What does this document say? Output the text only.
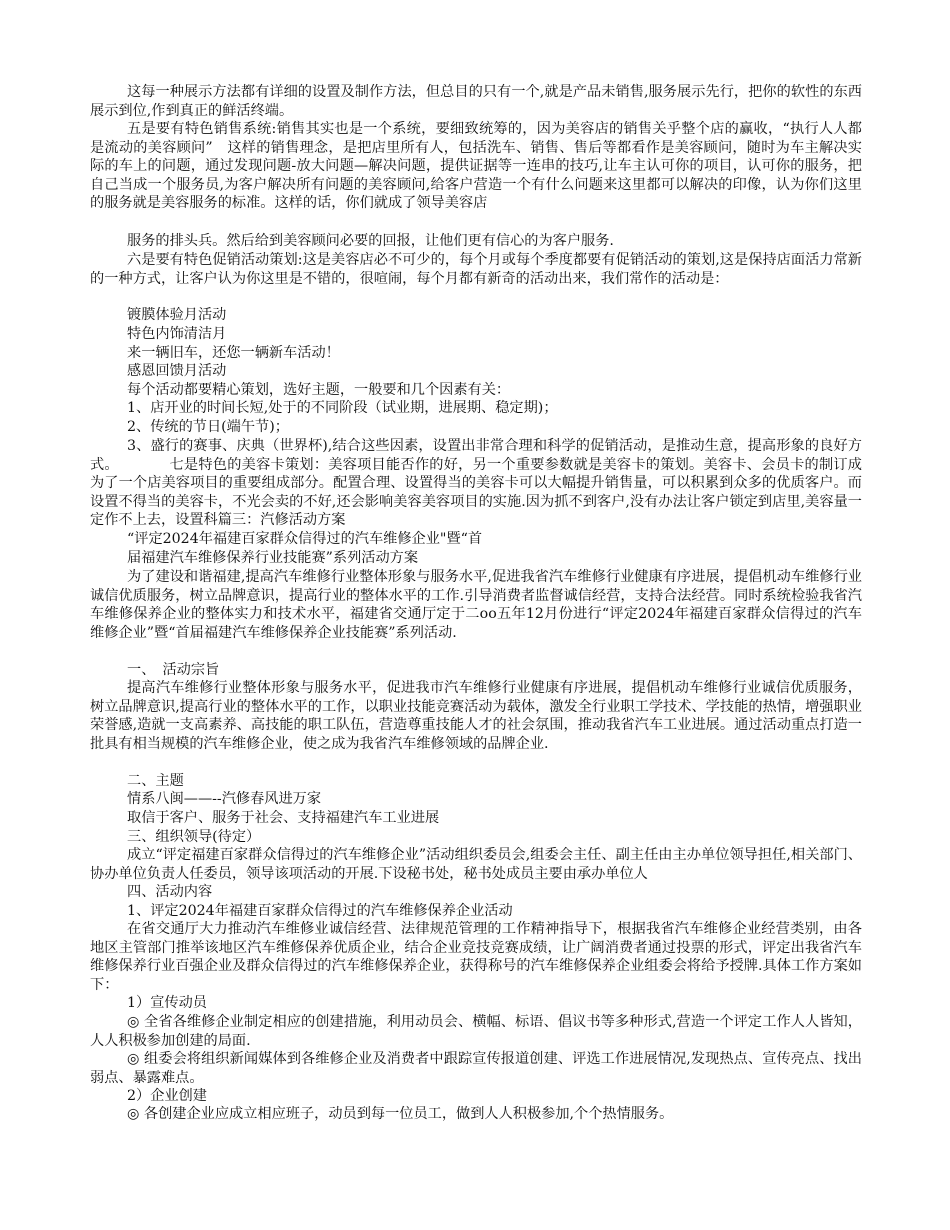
这每一种展示方法都有详细的设置及制作方法，但总目的只有一个,就是产品未销售,服务展示先行，把你的软性的东西展示到位,作到真正的鲜活终端。

五是要有特色销售系统:销售其实也是一个系统，要细致统筹的，因为美容店的销售关乎整个店的赢收，“执行人人都是流动的美容顾问”　这样的销售理念，是把店里所有人，包括洗车、销售、售后等都看作是美容顾问，随时为车主解决实际的车上的问题，通过发现问题-放大问题—解决问题，提供证据等一连串的技巧,让车主认可你的项目，认可你的服务，把自己当成一个服务员,为客户解决所有问题的美容顾问,给客户营造一个有什么问题来这里都可以解决的印像，认为你们这里的服务就是美容服务的标准。这样的话，你们就成了领导美容店

服务的排头兵。然后给到美容顾问必要的回报，让他们更有信心的为客户服务.

六是要有特色促销活动策划:这是美容店必不可少的，每个月或每个季度都要有促销活动的策划,这是保持店面活力常新的一种方式，让客户认为你这里是不错的，很喧闹，每个月都有新奇的活动出来，我们常作的活动是：

镀膜体验月活动

特色内饰清洁月

来一辆旧车，还您一辆新车活动！

感恩回馈月活动

每个活动都要精心策划，选好主题，一般要和几个因素有关：

1、店开业的时间长短,处于的不同阶段（试业期，进展期、稳定期)；

2、传统的节日(端午节)；

3、盛行的赛事、庆典（世界杯),结合这些因素，设置出非常合理和科学的促销活动，是推动生意，提高形象的良好方式。　　　　七是特色的美容卡策划：美容项目能否作的好，另一个重要参数就是美容卡的策划。美容卡、会员卡的制订成为了一个店美容项目的重要组成部分。配置合理、设置得当的美容卡可以大幅提升销售量，可以积累到众多的优质客户。而设置不得当的美容卡，不光会卖的不好,还会影响美容美容项目的实施.因为抓不到客户,没有办法让客户锁定到店里,美容量一定作不上去，设置科篇三：汽修活动方案

“评定2024年福建百家群众信得过的汽车维修企业"暨“首

届福建汽车维修保养行业技能赛”系列活动方案

为了建设和谐福建,提高汽车维修行业整体形象与服务水平,促进我省汽车维修行业健康有序进展，提倡机动车维修行业诚信优质服务，树立品牌意识，提高行业的整体水平的工作.引导消费者监督诚信经营，支持合法经营。同时系统检验我省汽车维修保养企业的整体实力和技术水平，福建省交通厅定于二oo五年12月份进行“评定2024年福建百家群众信得过的汽车维修企业”暨“首届福建汽车维修保养企业技能赛”系列活动.

一、　活动宗旨

提高汽车维修行业整体形象与服务水平，促进我市汽车维修行业健康有序进展，提倡机动车维修行业诚信优质服务，树立品牌意识,提高行业的整体水平的工作，以职业技能竞赛活动为载体，激发全行业职工学技术、学技能的热情，增强职业荣誉感,造就一支高素养、高技能的职工队伍，营造尊重技能人才的社会氛围，推动我省汽车工业进展。通过活动重点打造一批具有相当规模的汽车维修企业，使之成为我省汽车维修领域的品牌企业.

二、主题

情系八闽——--汽修春风进万家

取信于客户、服务于社会、支持福建汽车工业进展

三、组织领导(待定）

成立“评定福建百家群众信得过的汽车维修企业”活动组织委员会,组委会主任、副主任由主办单位领导担任,相关部门、协办单位负责人任委员，领导该项活动的开展.下设秘书处，秘书处成员主要由承办单位人

四、活动内容

1、评定2024年福建百家群众信得过的汽车维修保养企业活动

在省交通厅大力推动汽车维修业诚信经营、法律规范管理的工作精神指导下，根据我省汽车维修企业经营类别，由各地区主管部门推举该地区汽车维修保养优质企业，结合企业竞技竞赛成绩，让广阔消费者通过投票的形式，评定出我省汽车维修保养行业百强企业及群众信得过的汽车维修保养企业，获得称号的汽车维修保养企业组委会将给予授牌.具体工作方案如下：

1）宣传动员

◎ 全省各维修企业制定相应的创建措施，利用动员会、横幅、标语、倡议书等多种形式,营造一个评定工作人人皆知，人人积极参加创建的局面.

◎ 组委会将组织新闻媒体到各维修企业及消费者中跟踪宣传报道创建、评选工作进展情况,发现热点、宣传亮点、找出弱点、暴露难点。

2）企业创建

◎ 各创建企业应成立相应班子，动员到每一位员工，做到人人积极参加,个个热情服务。
